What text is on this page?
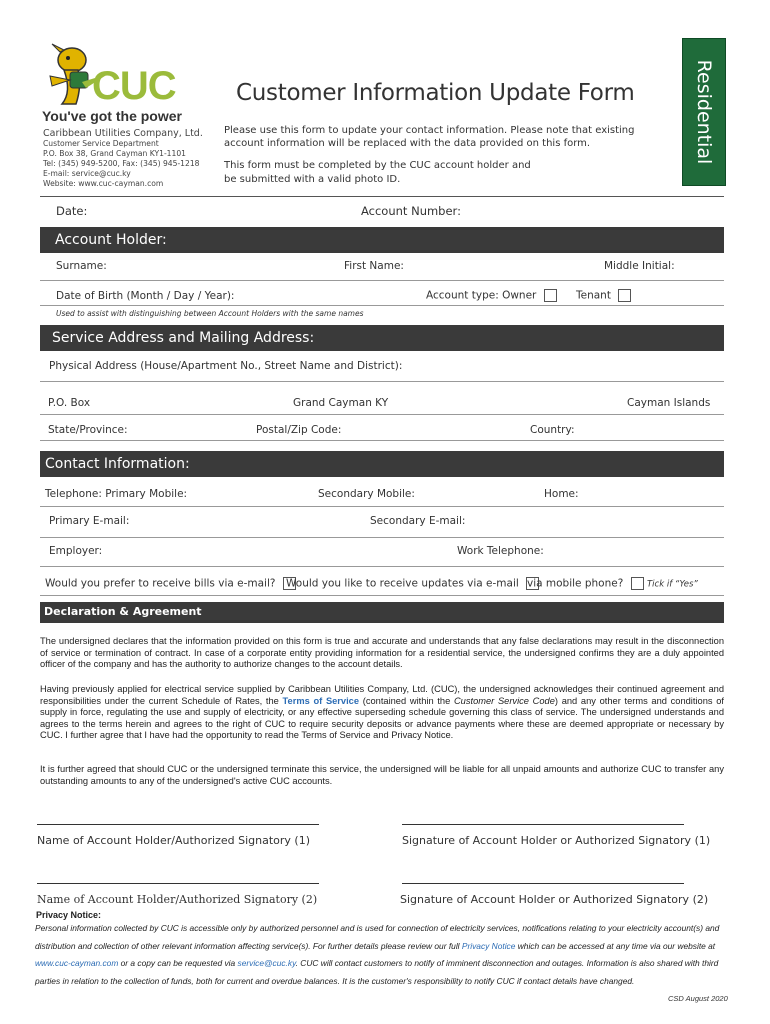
CUC
You've got the power
Caribbean Utilities Company, Ltd.
Customer Service Department
P.O. Box 38, Grand Cayman KY1-1101
Tel: (345) 949-5200, Fax: (345) 945-1218
E-mail: service@cuc.ky
Website: www.cuc-cayman.com
Customer Information Update Form
Please use this form to update your contact information. Please note that existing
account information will be replaced with the data provided on this form.
This form must be completed by the CUC account holder and
be submitted with a valid photo ID.
Residential
Date:	Account Number:
Account Holder:
Surname:	First Name:	Middle Initial:
Date of Birth (Month / Day / Year):	Account type: Owner	Tenant
Used to assist with distinguishing between Account Holders with the same names
Service Address and Mailing Address:
Physical Address (House/Apartment No., Street Name and District):
P.O. Box	Grand Cayman KY	Cayman Islands
State/Province:	Postal/Zip Code:	Country:
Contact Information:
Telephone: Primary Mobile:	Secondary Mobile:	Home:
Primary E-mail:	Secondary E-mail:
Employer:	Work Telephone:
Would you prefer to receive bills via e-mail?	Would you like to receive updates via e-mail via mobile phone?	Tick if “Yes”
Declaration & Agreement
The undersigned declares that the information provided on this form is true and accurate and understands that any false declarations may result in the disconnection of service or termination of contract. In case of a corporate entity providing information for a residential service, the undersigned confirms they are a duly appointed officer of the company and has the authority to authorize changes to the account details.
Having previously applied for electrical service supplied by Caribbean Utilities Company, Ltd. (CUC), the undersigned acknowledges their continued agreement and responsibilities under the current Schedule of Rates, the Terms of Service (contained within the Customer Service Code) and any other terms and conditions of supply in force, regulating the use and supply of electricity, or any effective superseding schedule governing this class of service. The undersigned understands and agrees to the terms herein and agrees to the right of CUC to require security deposits or advance payments where these are deemed appropriate or necessary by CUC. I further agree that I have had the opportunity to read the Terms of Service and Privacy Notice.
It is further agreed that should CUC or the undersigned terminate this service, the undersigned will be liable for all unpaid amounts and authorize CUC to transfer any outstanding amounts to any of the undersigned's active CUC accounts.
Name of Account Holder/Authorized Signatory (1)	Signature of Account Holder or Authorized Signatory (1)
Name of Account Holder/Authorized Signatory (2)	Signature of Account Holder or Authorized Signatory (2)
Privacy Notice:
Personal information collected by CUC is accessible only by authorized personnel and is used for connection of electricity services, notifications relating to your electricity account(s) and distribution and collection of other relevant information affecting service(s). For further details please review our full Privacy Notice which can be accessed at any time via our website at www.cuc-cayman.com or a copy can be requested via service@cuc.ky. CUC will contact customers to notify of imminent disconnection and outages. Information is also shared with third parties in relation to the collection of funds, both for current and overdue balances. It is the customer's responsibility to notify CUC if contact details have changed.
CSD August 2020
